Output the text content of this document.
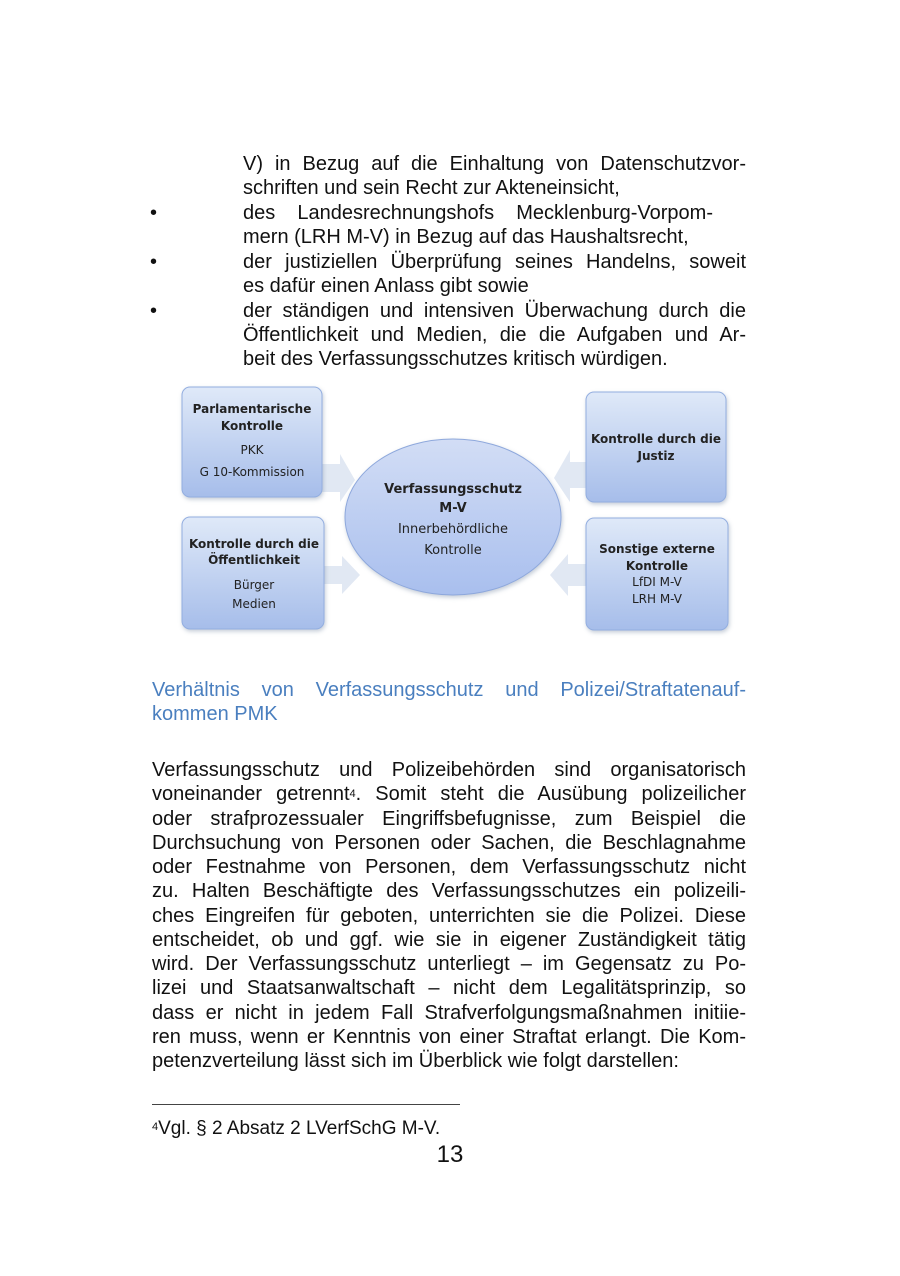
V) in Bezug auf die Einhaltung von Datenschutzvor-
schriften und sein Recht zur Akteneinsicht,
•	des Landesrechnungshofs Mecklenburg-Vorpom-
mern (LRH M-V) in Bezug auf das Haushaltsrecht,
•	der justiziellen Überprüfung seines Handelns, soweit
es dafür einen Anlass gibt sowie
•	der ständigen und intensiven Überwachung durch die
Öffentlichkeit und Medien, die die Aufgaben und Ar-
beit des Verfassungsschutzes kritisch würdigen.
Parlamentarische
Kontrolle
PKK
G 10-Kommission
Kontrolle durch die
Öffentlichkeit
Bürger
Medien
Verfassungsschutz
M-V
Innerbehördliche
Kontrolle
Kontrolle durch die
Justiz
Sonstige externe
Kontrolle
LfDI M-V
LRH M-V
Verhältnis von Verfassungsschutz und Polizei/Straftatenauf-
kommen PMK
Verfassungsschutz und Polizeibehörden sind organisatorisch
voneinander getrennt$^4$. Somit steht die Ausübung polizeilicher
oder strafprozessualer Eingriffsbefugnisse, zum Beispiel die
Durchsuchung von Personen oder Sachen, die Beschlagnahme
oder Festnahme von Personen, dem Verfassungsschutz nicht
zu. Halten Beschäftigte des Verfassungsschutzes ein polizeili-
ches Eingreifen für geboten, unterrichten sie die Polizei. Diese
entscheidet, ob und ggf. wie sie in eigener Zuständigkeit tätig
wird. Der Verfassungsschutz unterliegt – im Gegensatz zu Po-
lizei und Staatsanwaltschaft – nicht dem Legalitätsprinzip, so
dass er nicht in jedem Fall Strafverfolgungsmaßnahmen initiie-
ren muss, wenn er Kenntnis von einer Straftat erlangt. Die Kom-
petenzverteilung lässt sich im Überblick wie folgt darstellen:
$^4$Vgl. § 2 Absatz 2 LVerfSchG M-V.
13
